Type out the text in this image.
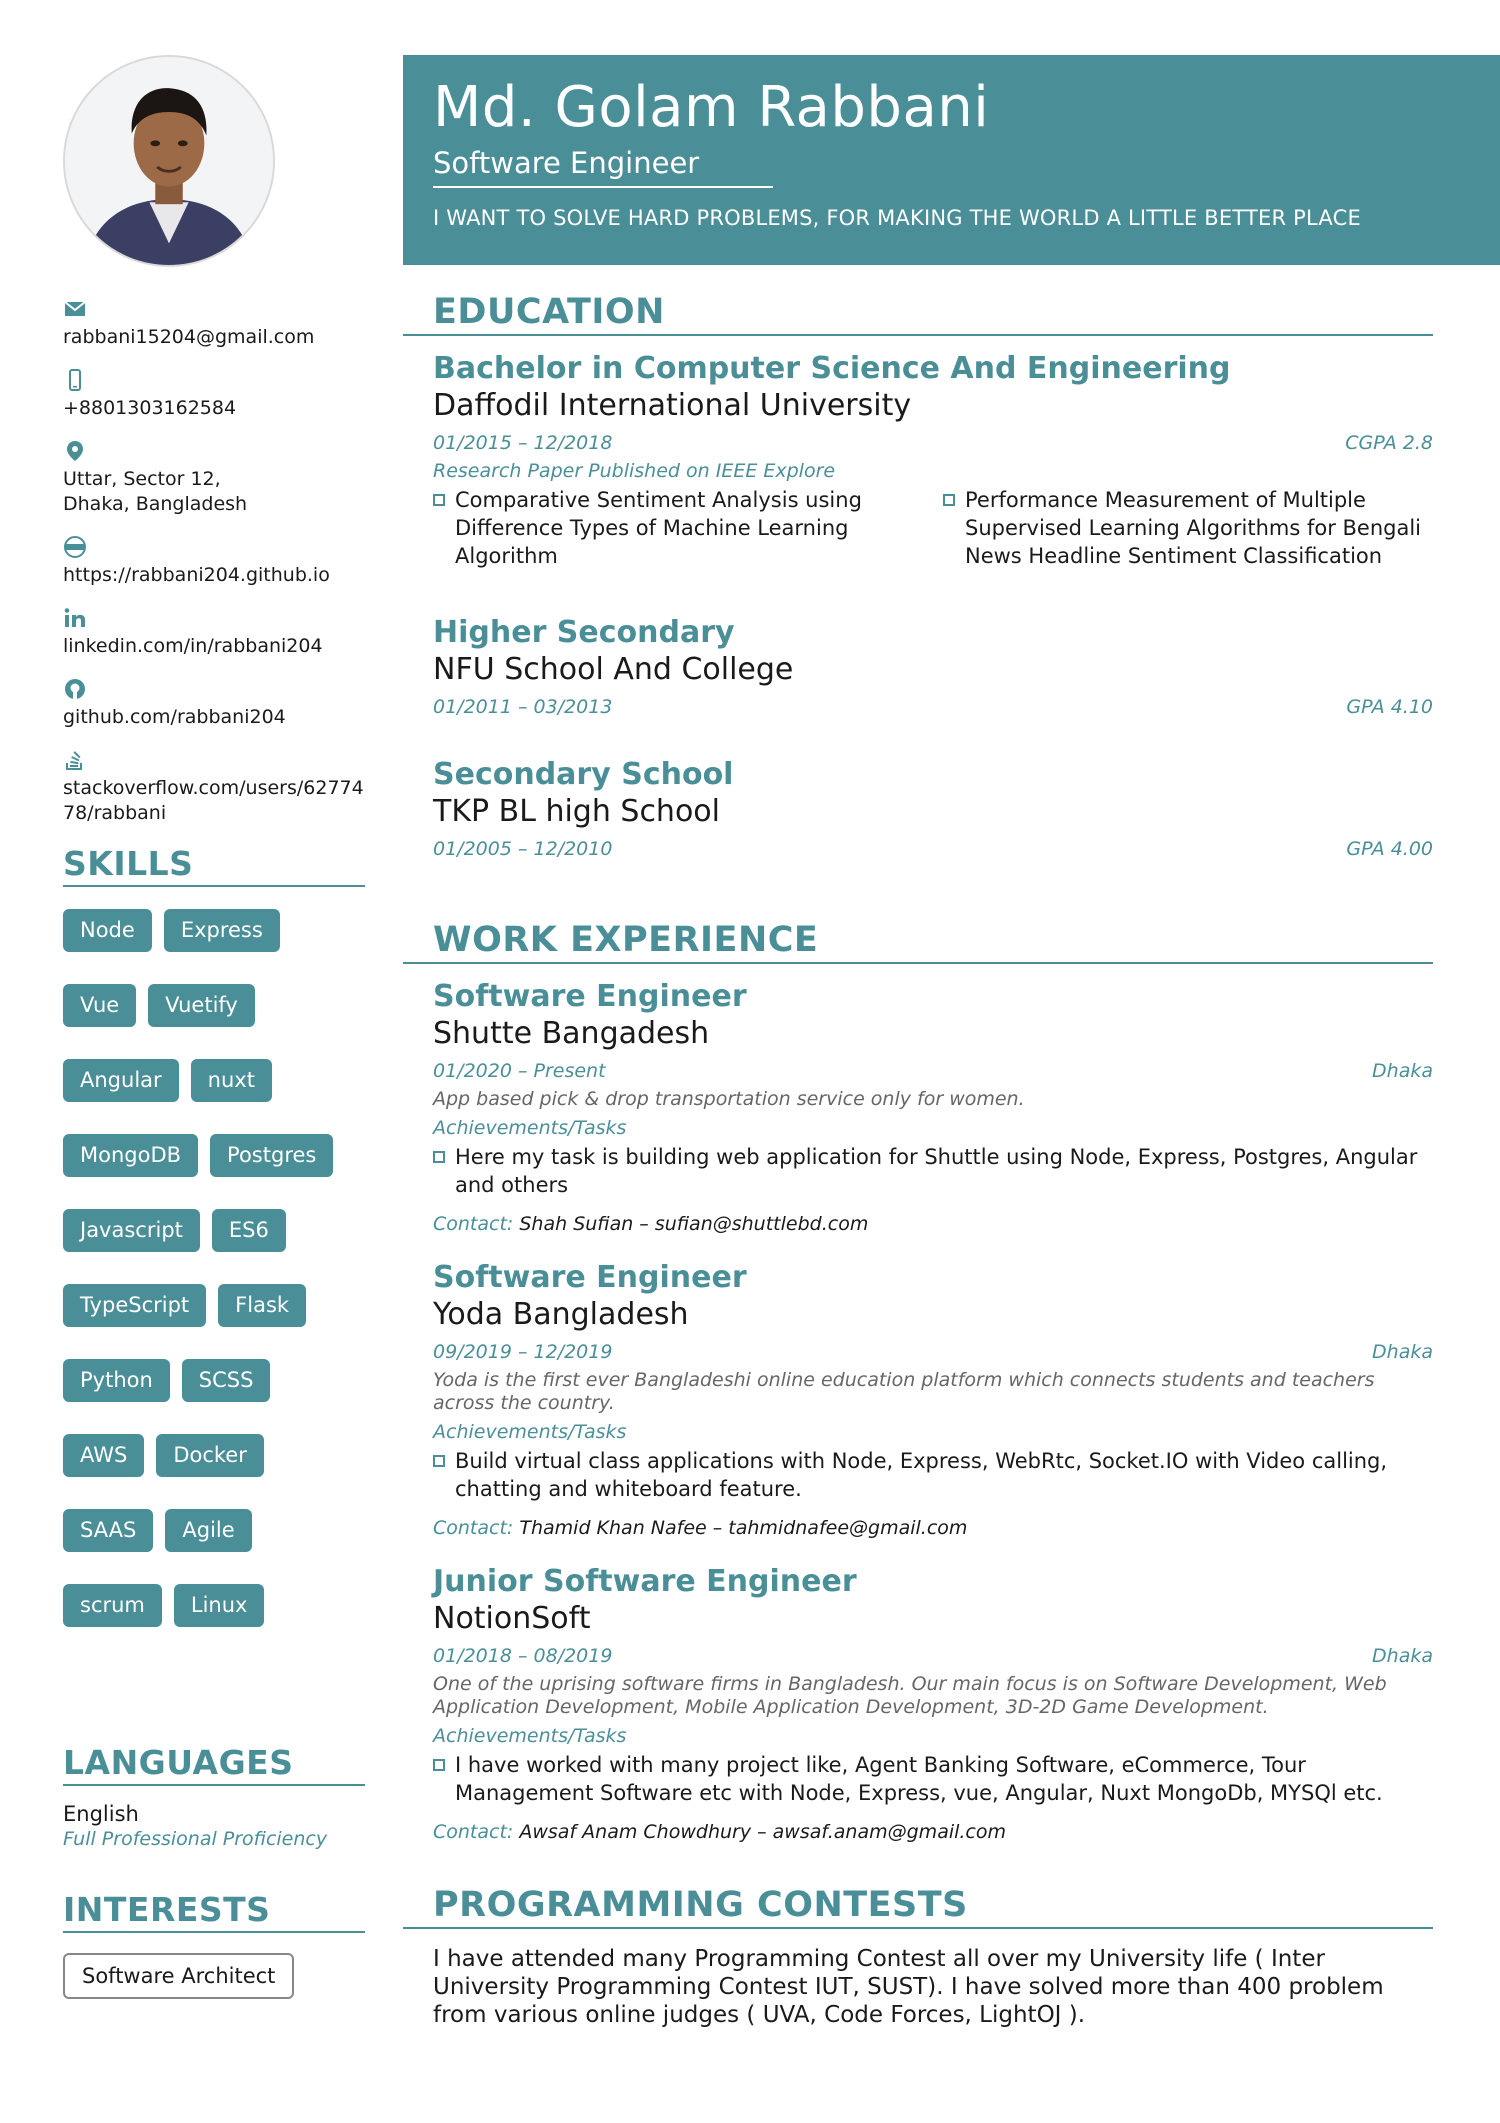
rabbani15204@gmail.com
+8801303162584
Uttar, Sector 12, Dhaka, Bangladesh
https://rabbani204.github.io
linkedin.com/in/rabbani204
github.com/rabbani204
stackoverflow.com/users/6277478/rabbani
SKILLS
Node	Express
Vue	Vuetify
Angular	nuxt
MongoDB	Postgres
Javascript	ES6
TypeScript	Flask
Python	SCSS
AWS	Docker
SAAS	Agile
scrum	Linux
LANGUAGES
English
Full Professional Proficiency
INTERESTS
Software Architect
Md. Golam Rabbani
Software Engineer
I WANT TO SOLVE HARD PROBLEMS, FOR MAKING THE WORLD A LITTLE BETTER PLACE
EDUCATION
Bachelor in Computer Science And Engineering
Daffodil International University
01/2015 – 12/2018	CGPA 2.8
Research Paper Published on IEEE Explore
Comparative Sentiment Analysis using Difference Types of Machine Learning Algorithm
Performance Measurement of Multiple Supervised Learning Algorithms for Bengali News Headline Sentiment Classification
Higher Secondary
NFU School And College
01/2011 – 03/2013	GPA 4.10
Secondary School
TKP BL high School
01/2005 – 12/2010	GPA 4.00
WORK EXPERIENCE
Software Engineer
Shutte Bangadesh
01/2020 – Present	Dhaka
App based pick & drop transportation service only for women.
Achievements/Tasks
Here my task is building web application for Shuttle using Node, Express, Postgres, Angular and others
Contact: Shah Sufian – sufian@shuttlebd.com
Software Engineer
Yoda Bangladesh
09/2019 – 12/2019	Dhaka
Yoda is the first ever Bangladeshi online education platform which connects students and teachers across the country.
Achievements/Tasks
Build virtual class applications with Node, Express, WebRtc, Socket.IO with Video calling, chatting and whiteboard feature.
Contact: Thamid Khan Nafee – tahmidnafee@gmail.com
Junior Software Engineer
NotionSoft
01/2018 – 08/2019	Dhaka
One of the uprising software firms in Bangladesh. Our main focus is on Software Development, Web Application Development, Mobile Application Development, 3D-2D Game Development.
Achievements/Tasks
I have worked with many project like, Agent Banking Software, eCommerce, Tour Management Software etc with Node, Express, vue, Angular, Nuxt MongoDb, MYSQl etc.
Contact: Awsaf Anam Chowdhury – awsaf.anam@gmail.com
PROGRAMMING CONTESTS

I have attended many Programming Contest all over my University life ( Inter University Programming Contest IUT, SUST). I have solved more than 400 problem from various online judges ( UVA, Code Forces, LightOJ ).
